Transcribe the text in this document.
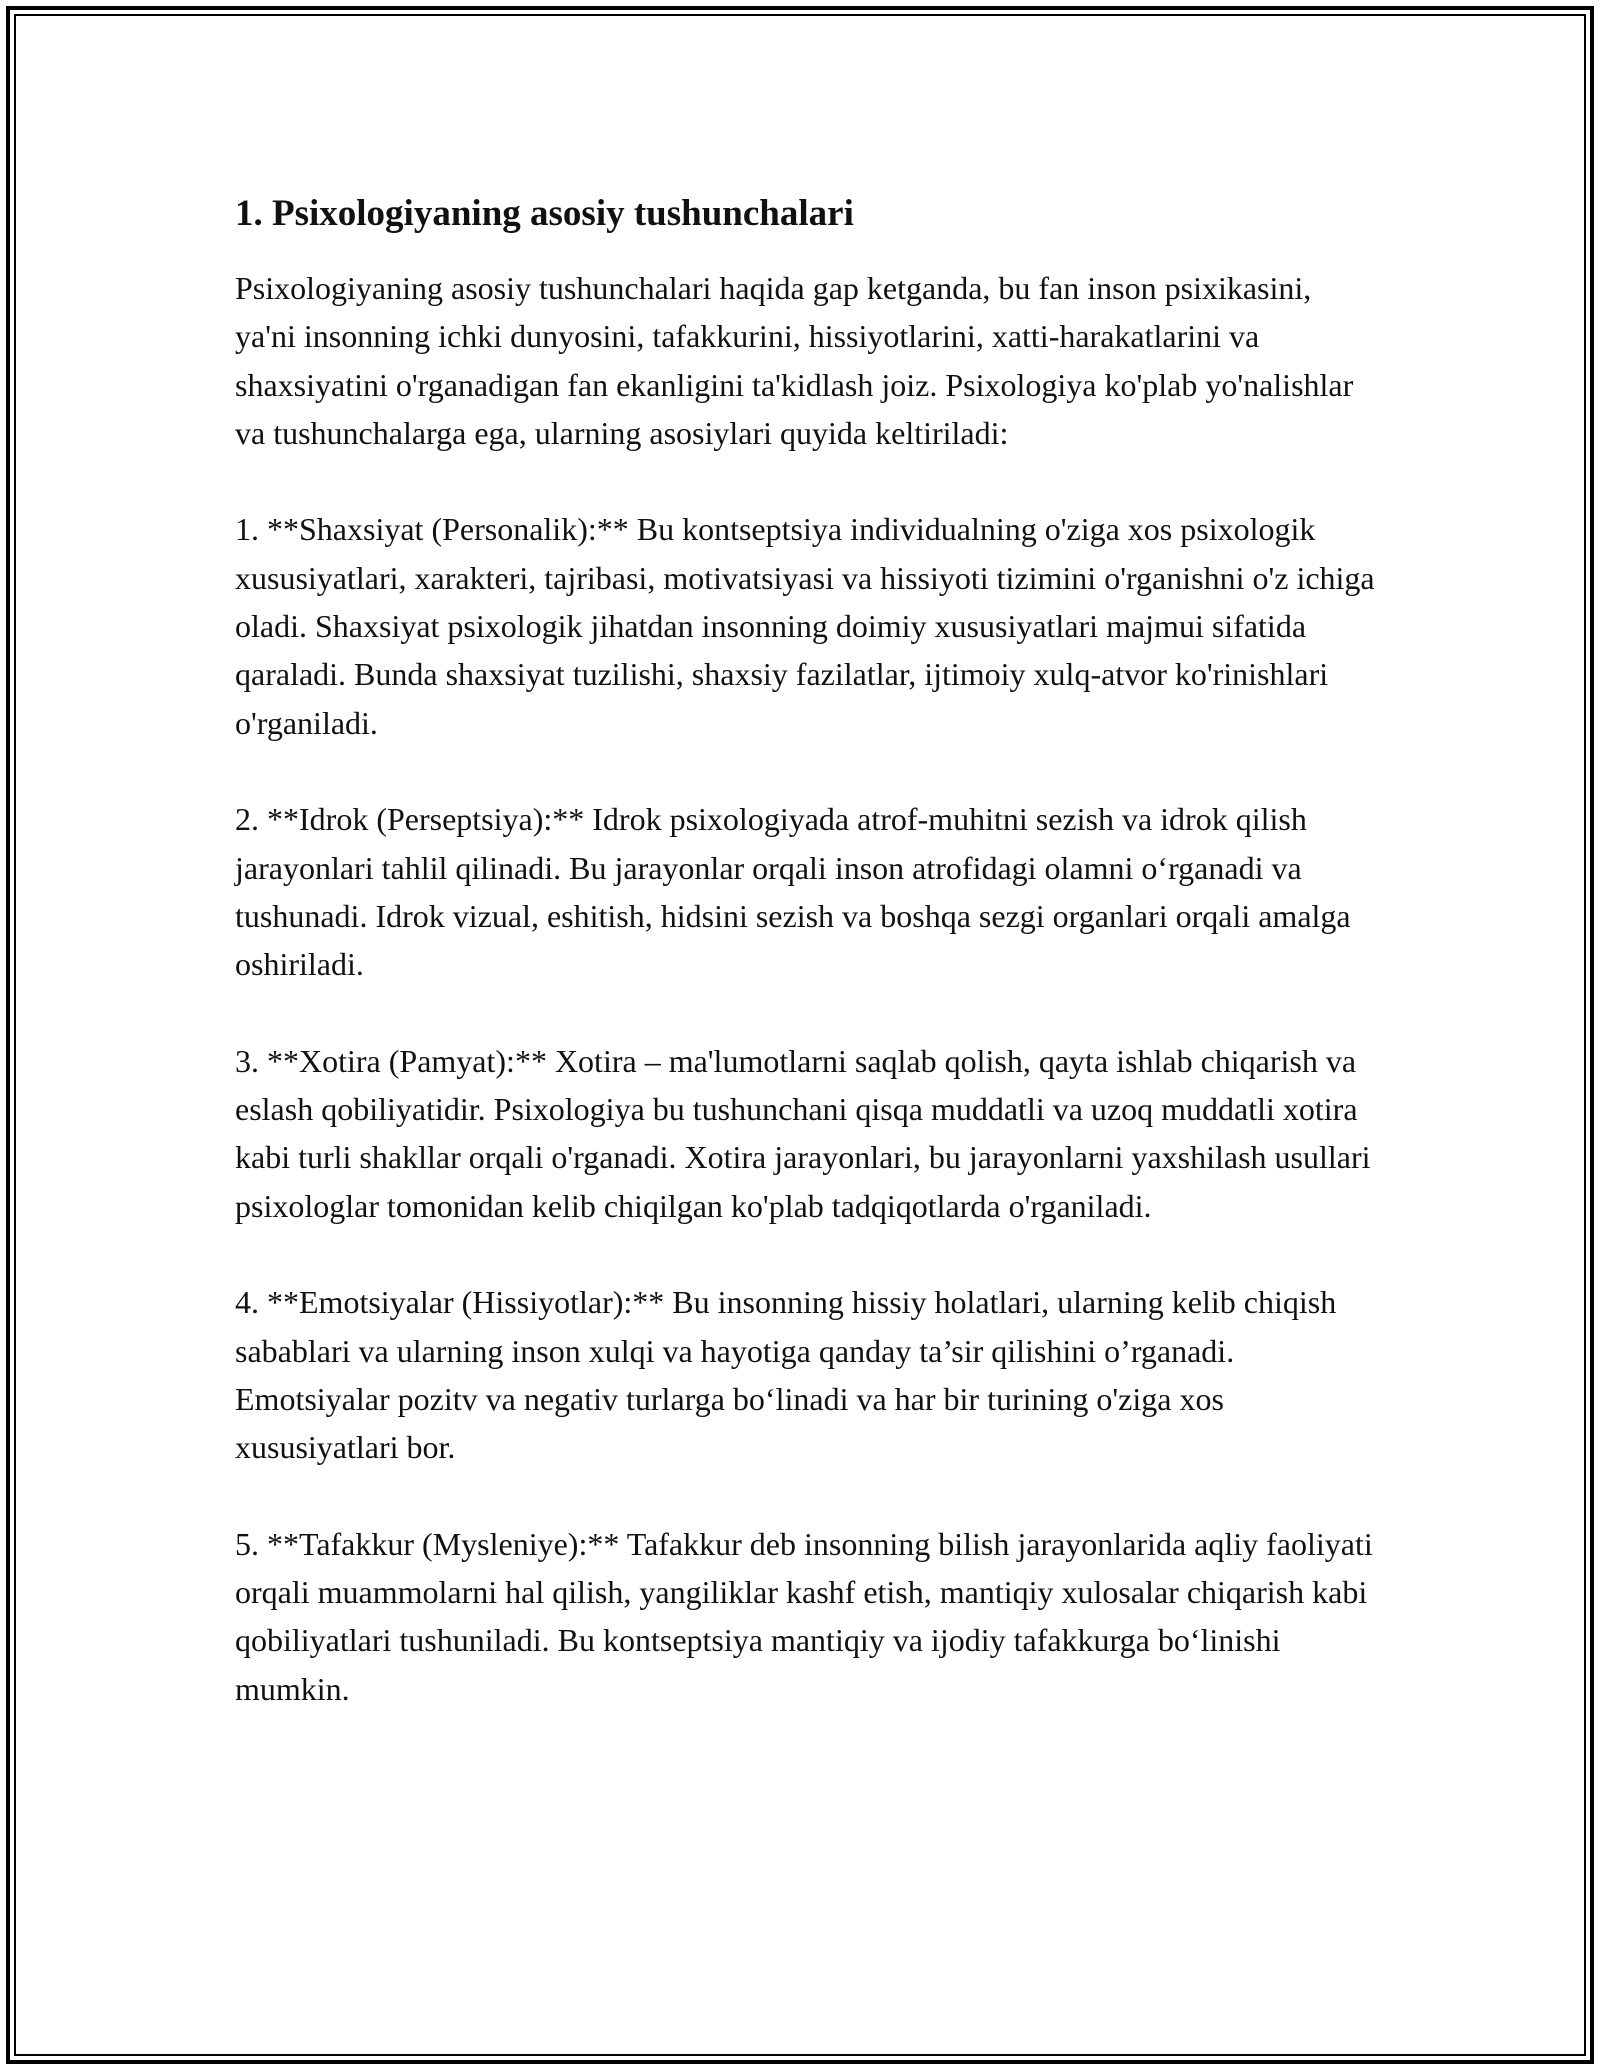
1. Psixologiyaning asosiy tushunchalari

Psixologiyaning asosiy tushunchalari haqida gap ketganda, bu fan inson psixikasini, ya'ni insonning ichki dunyosini, tafakkurini, hissiyotlarini, xatti-harakatlarini va shaxsiyatini o'rganadigan fan ekanligini ta'kidlash joiz. Psixologiya ko'plab yo'nalishlar va tushunchalarga ega, ularning asosiylari quyida keltiriladi:

1. **Shaxsiyat (Personalik):** Bu kontseptsiya individualning o'ziga xos psixologik xususiyatlari, xarakteri, tajribasi, motivatsiyasi va hissiyoti tizimini o'rganishni o'z ichiga oladi. Shaxsiyat psixologik jihatdan insonning doimiy xususiyatlari majmui sifatida qaraladi. Bunda shaxsiyat tuzilishi, shaxsiy fazilatlar, ijtimoiy xulq-atvor ko'rinishlari o'rganiladi.

2. **Idrok (Perseptsiya):** Idrok psixologiyada atrof-muhitni sezish va idrok qilish jarayonlari tahlil qilinadi. Bu jarayonlar orqali inson atrofidagi olamni o‘rganadi va tushunadi. Idrok vizual, eshitish, hidsini sezish va boshqa sezgi organlari orqali amalga oshiriladi.

3. **Xotira (Pamyat):** Xotira – ma'lumotlarni saqlab qolish, qayta ishlab chiqarish va eslash qobiliyatidir. Psixologiya bu tushunchani qisqa muddatli va uzoq muddatli xotira kabi turli shakllar orqali o'rganadi. Xotira jarayonlari, bu jarayonlarni yaxshilash usullari psixologlar tomonidan kelib chiqilgan ko'plab tadqiqotlarda o'rganiladi.

4. **Emotsiyalar (Hissiyotlar):** Bu insonning hissiy holatlari, ularning kelib chiqish sabablari va ularning inson xulqi va hayotiga qanday ta’sir qilishini o’rganadi. Emotsiyalar pozitv va negativ turlarga bo‘linadi va har bir turining o'ziga xos xususiyatlari bor.

5. **Tafakkur (Mysleniye):** Tafakkur deb insonning bilish jarayonlarida aqliy faoliyati orqali muammolarni hal qilish, yangiliklar kashf etish, mantiqiy xulosalar chiqarish kabi qobiliyatlari tushuniladi. Bu kontseptsiya mantiqiy va ijodiy tafakkurga bo‘linishi mumkin.
